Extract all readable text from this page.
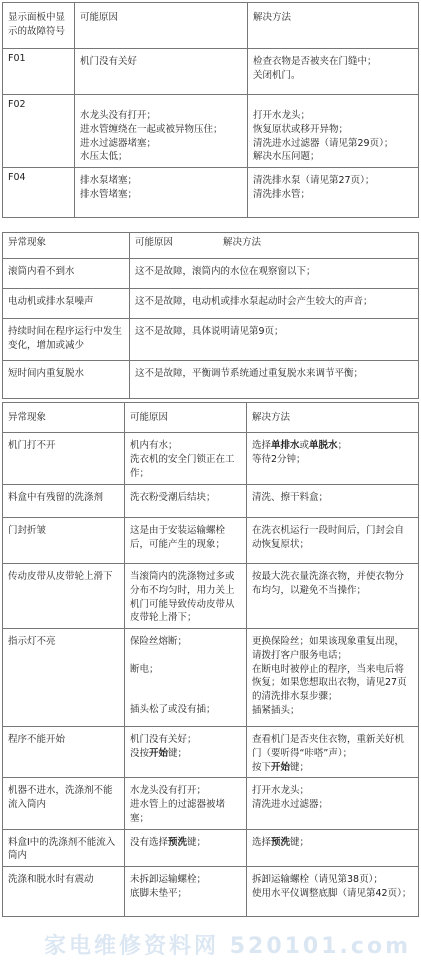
显示面板中显示的故障符号	可能原因	解决方法
F01	机门没有关好	检查衣物是否被夹在门缝中；
关闭机门。

F02	水龙头没有打开；
进水管缠绕在一起或被异物压住；
进水过滤器堵塞；
水压太低；	打开水龙头；
恢复原状或移开异物；
清洗进水过滤器（请见第29页）；
解决水压问题；

F04	排水泵堵塞；
排水管堵塞；	清洗排水泵（请见第27页）；
清洗排水管；
异常现象	可能原因 解决方法
滚筒内看不到水	这不是故障，滚筒内的水位在观察窗以下；
电动机或排水泵噪声	这不是故障，电动机或排水泵起动时会产生较大的声音；
持续时间在程序运行中发生变化，增加或减少	这不是故障，具体说明请见第9页；
短时间内重复脱水	这不是故障，平衡调节系统通过重复脱水来调节平衡；
异常现象	可能原因	解决方法
机门打不开	机内有水；
洗衣机的安全门锁正在工作；	选择单排水或单脱水；
等待2分钟；

料盒中有残留的洗涤剂	洗衣粉受潮后结块；	清洗、擦干料盒；

门封折皱	这是由于安装运输螺栓后，可能产生的现象；	在洗衣机运行一段时间后，门封会自动恢复原状；

传动皮带从皮带轮上滑下	当滚筒内的洗涤物过多或分布不均匀时，用力关上机门可能导致传动皮带从皮带轮上滑下；	按最大洗衣量洗涤衣物，并使衣物分布均匀，以避免不当操作；

指示灯不亮	保险丝熔断；
断电；
插头松了或没有插；	更换保险丝；如果该现象重复出现，请拨打客户服务电话；
在断电时被停止的程序，当来电后将恢复；如果您想取出衣物，请见27页的清洗排水泵步骤；
插紧插头；

程序不能开始	机门没有关好；
没按开始键；	查看机门是否夹住衣物，重新关好机门（要听得“咔嗒”声）；
按下开始键；

机器不进水，洗涤剂不能流入筒内	水龙头没有打开；
进水管上的过滤器被堵塞；	打开水龙头；
清洗进水过滤器；

料盒I中的洗涤剂不能流入筒内	没有选择预洗键；	选择预洗键；

洗涤和脱水时有震动	未拆卸运输螺栓；
底脚未垫平；	拆卸运输螺栓（请见第38页）；
使用水平仪调整底脚（请见第42页）；
家电维修资料网 520101.com
